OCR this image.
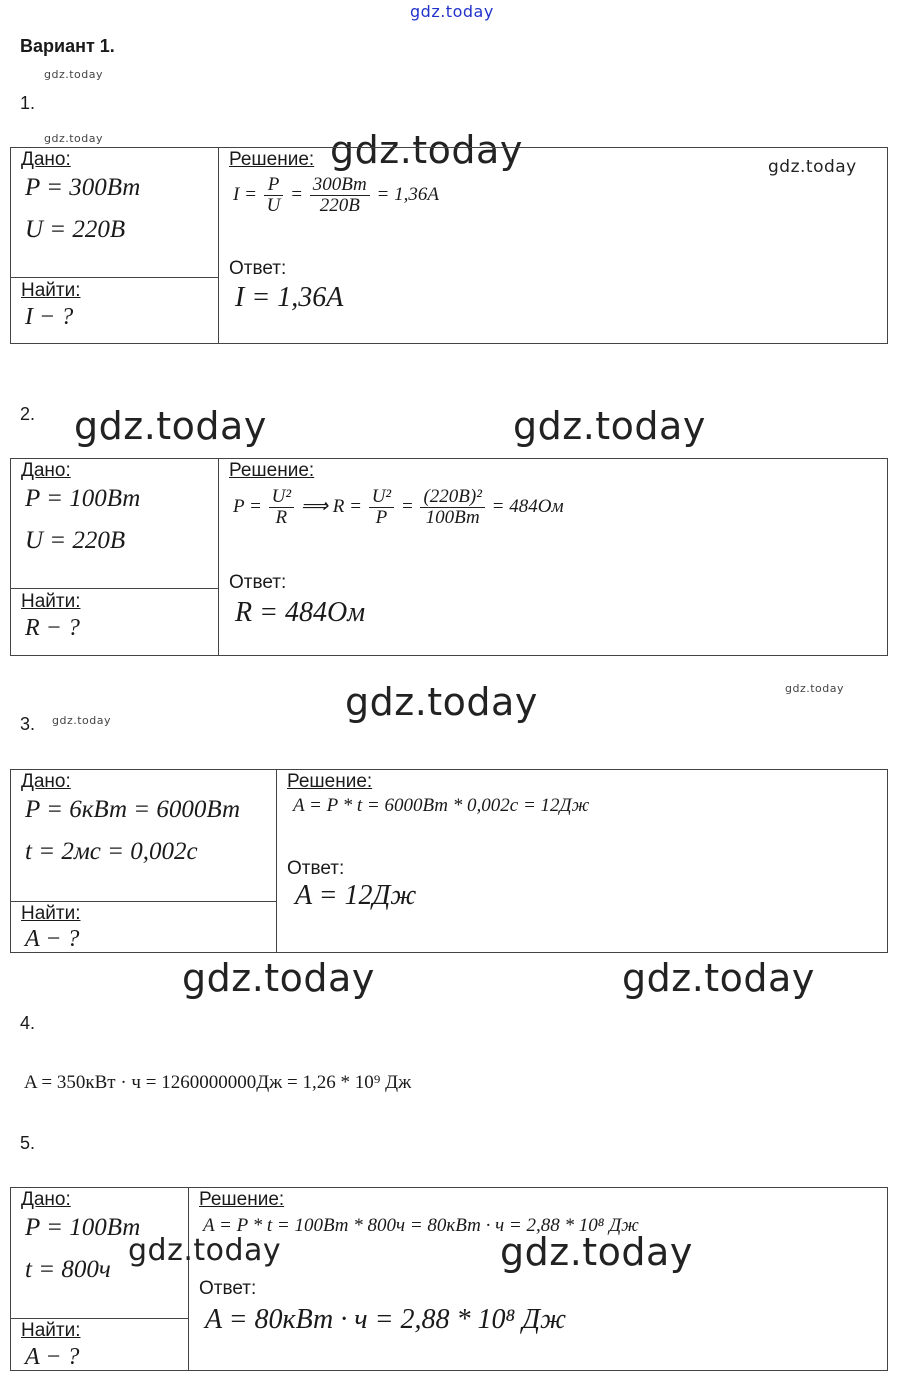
gdz.today
gdz.today
gdz.today	gdz.today	gdz.today
gdz.today	gdz.today
gdz.today	gdz.today
gdz.today
gdz.today	gdz.today
Вариант 1.
1.
Дано:
P = 300Вт
U = 220В
Найти:
I − ?
Решение:
$I = \frac{P}{U} = \frac{300Вт}{220В} = 1,36A$
Ответ:
I = 1,36A
2.
Дано:
P = 100Вт
U = 220В
Найти:
R − ?
Решение:
$P = \frac{\text{U²}}{R}$ ⟹ $R = \frac{\text{U²}}{P} = \frac{\text{(220В)²}}{100Вт} = 484Ом$
Ответ:
R = 484Ом
3.
Дано:
P = 6кВт = 6000Вт
t = 2мс = 0,002с
Найти:
A − ?
Решение:
A = P * t = 6000Вт * 0,002с = 12Дж
Ответ:
A = 12Дж
4.
A = 350кВт · ч = 1260000000Дж = 1,26 * 10⁹ Дж
5.
Дано:
P = 100Вт
t = 800ч
Найти:
A − ?
Решение:
A = P * t = 100Вт * 800ч = 80кВт · ч = 2,88 * 10⁸ Дж
Ответ:
A = 80кВт · ч = 2,88 * 10⁸ Дж
gdz.today	gdz.today
